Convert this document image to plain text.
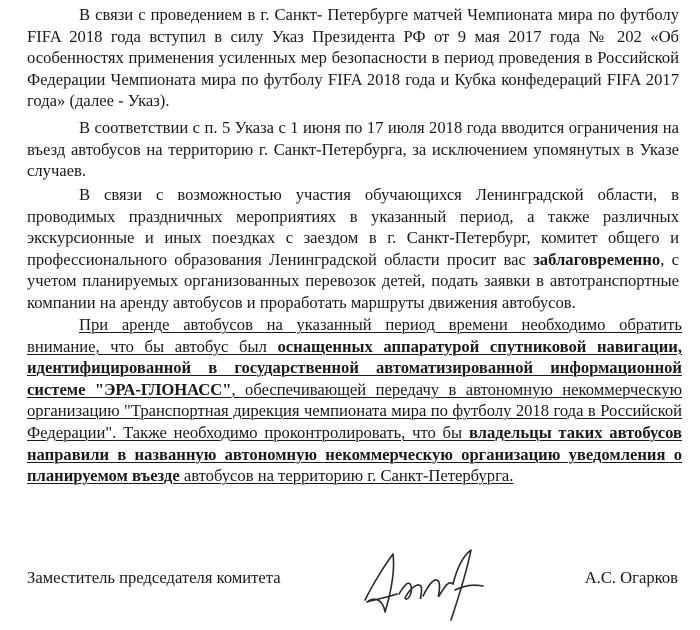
В связи с проведением в г. Санкт- Петербурге матчей Чемпионата мира по футболу FIFA 2018 года вступил в силу Указ Президента РФ от 9 мая 2017 года № 202 «Об особенностях применения усиленных мер безопасности в период проведения в Российской Федерации Чемпионата мира по футболу FIFA 2018 года и Кубка конфедераций FIFA 2017 года» (далее - Указ).

В соответствии с п. 5 Указа с 1 июня по 17 июля 2018 года вводится ограничения на въезд автобусов на территорию г. Санкт-Петербурга, за исключением упомянутых в Указе случаев.

В связи с возможностью участия обучающихся Ленинградской области, в проводимых праздничных мероприятиях в указанный период, а также различных экскурсионные и иных поездках с заездом в г. Санкт-Петербург, комитет общего и профессионального образования Ленинградской области просит вас заблаговременно, с учетом планируемых организованных перевозок детей, подать заявки в автотранспортные компании на аренду автобусов и проработать маршруты движения автобусов.

При аренде автобусов на указанный период времени необходимо обратить внимание, что бы автобус был оснащенных аппаратурой спутниковой навигации, идентифицированной в государственной автоматизированной информационной системе "ЭРА-ГЛОНАСС", обеспечивающей передачу в автономную некоммерческую организацию "Транспортная дирекция чемпионата мира по футболу 2018 года в Российской Федерации". Также необходимо проконтролировать, что бы владельцы таких автобусов направили в названную автономную некоммерческую организацию уведомления о планируемом въезде автобусов на территорию г. Санкт-Петербурга.

Заместитель председателя комитета	А.С. Огарков
